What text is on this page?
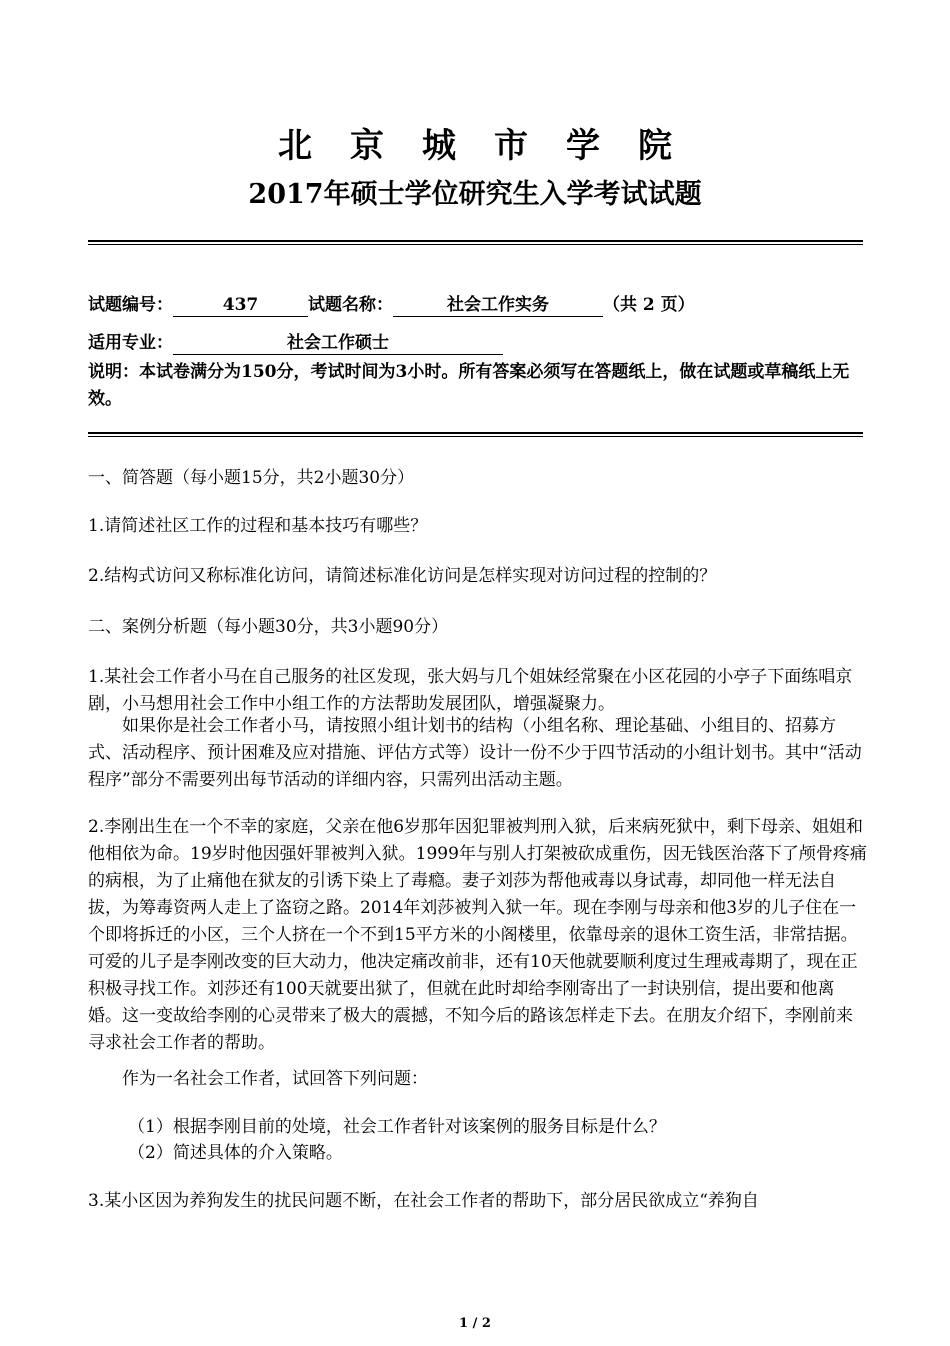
北京城市学院
2017年硕士学位研究生入学考试试题
试题编号：	437	试题名称：	社会工作实务	（共 2 页）
适用专业：	社会工作硕士
说明：本试卷满分为150分，考试时间为3小时。所有答案必须写在答题纸上，做在试题或草稿纸上无效。
一、简答题（每小题15分，共2小题30分）
1.请简述社区工作的过程和基本技巧有哪些？
2.结构式访问又称标准化访问，请简述标准化访问是怎样实现对访问过程的控制的？
二、案例分析题（每小题30分，共3小题90分）
1.某社会工作者小马在自己服务的社区发现，张大妈与几个姐妹经常聚在小区花园的小亭子下面练唱京剧，小马想用社会工作中小组工作的方法帮助发展团队，增强凝聚力。
如果你是社会工作者小马，请按照小组计划书的结构（小组名称、理论基础、小组目的、招募方式、活动程序、预计困难及应对措施、评估方式等）设计一份不少于四节活动的小组计划书。其中“活动程序”部分不需要列出每节活动的详细内容，只需列出活动主题。
2.李刚出生在一个不幸的家庭，父亲在他6岁那年因犯罪被判刑入狱，后来病死狱中，剩下母亲、姐姐和他相依为命。19岁时他因强奸罪被判入狱。1999年与别人打架被砍成重伤，因无钱医治落下了颅骨疼痛的病根，为了止痛他在狱友的引诱下染上了毒瘾。妻子刘莎为帮他戒毒以身试毒，却同他一样无法自拔，为筹毒资两人走上了盗窃之路。2014年刘莎被判入狱一年。现在李刚与母亲和他3岁的儿子住在一个即将拆迁的小区，三个人挤在一个不到15平方米的小阁楼里，依靠母亲的退休工资生活，非常拮据。可爱的儿子是李刚改变的巨大动力，他决定痛改前非，还有10天他就要顺利度过生理戒毒期了，现在正积极寻找工作。刘莎还有100天就要出狱了，但就在此时却给李刚寄出了一封诀别信，提出要和他离婚。这一变故给李刚的心灵带来了极大的震撼，不知今后的路该怎样走下去。在朋友介绍下，李刚前来寻求社会工作者的帮助。
作为一名社会工作者，试回答下列问题：
（1）根据李刚目前的处境，社会工作者针对该案例的服务目标是什么？
（2）简述具体的介入策略。
3.某小区因为养狗发生的扰民问题不断，在社会工作者的帮助下，部分居民欲成立“养狗自
1 / 2
